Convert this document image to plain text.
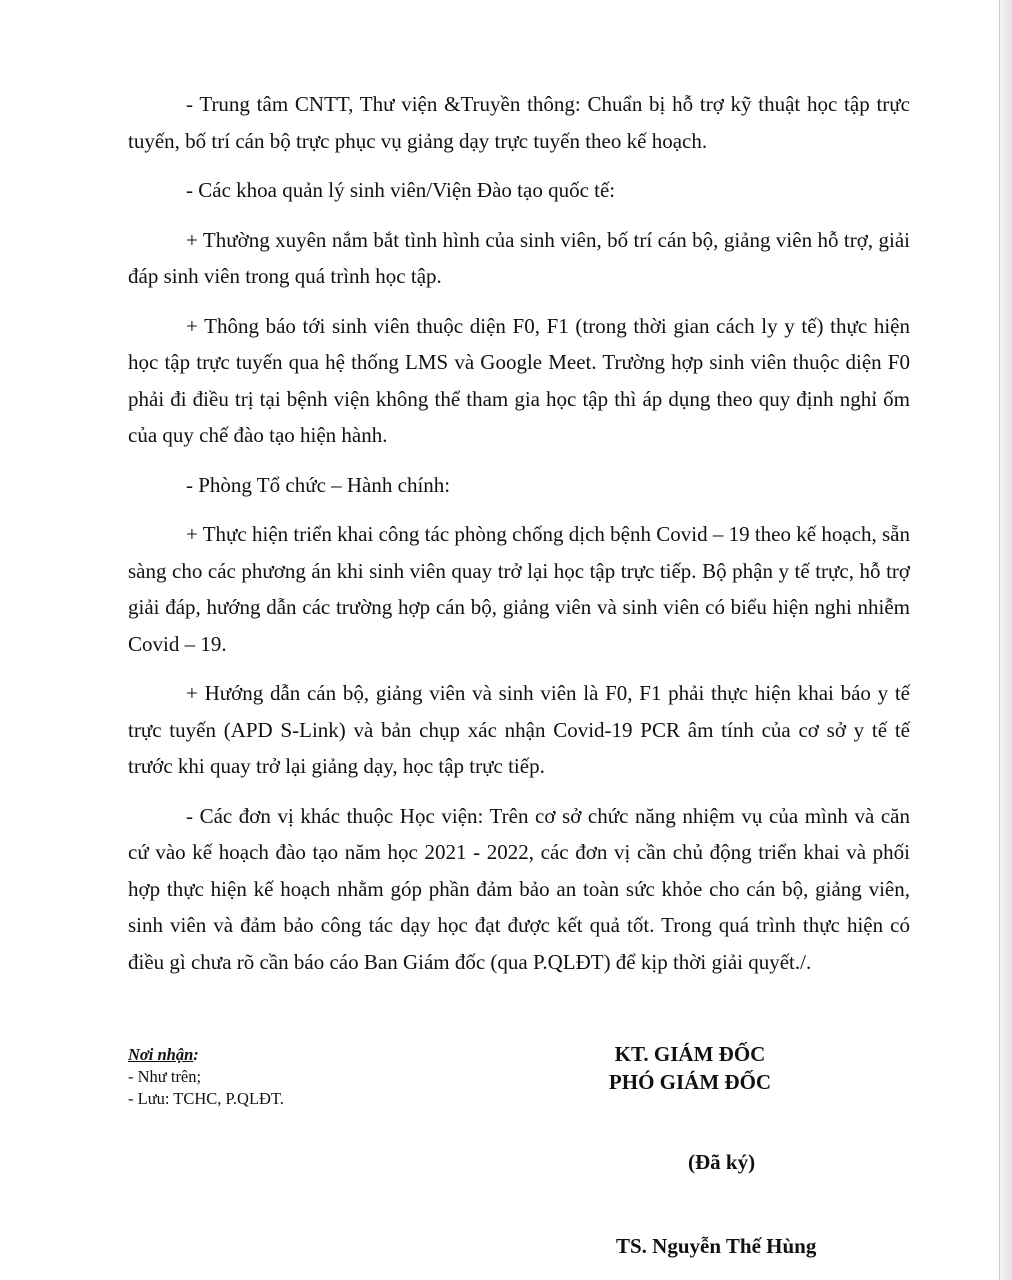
- Trung tâm CNTT, Thư viện &Truyền thông: Chuẩn bị hỗ trợ kỹ thuật học tập trực tuyến, bố trí cán bộ trực phục vụ giảng dạy trực tuyến theo kế hoạch.

- Các khoa quản lý sinh viên/Viện Đào tạo quốc tế:

+ Thường xuyên nắm bắt tình hình của sinh viên, bố trí cán bộ, giảng viên hỗ trợ, giải đáp sinh viên trong quá trình học tập.

+ Thông báo tới sinh viên thuộc diện F0, F1 (trong thời gian cách ly y tế) thực hiện học tập trực tuyến qua hệ thống LMS và Google Meet. Trường hợp sinh viên thuộc diện F0 phải đi điều trị tại bệnh viện không thể tham gia học tập thì áp dụng theo quy định nghỉ ốm của quy chế đào tạo hiện hành.

- Phòng Tổ chức – Hành chính:

+ Thực hiện triển khai công tác phòng chống dịch bệnh Covid – 19 theo kế hoạch, sẵn sàng cho các phương án khi sinh viên quay trở lại học tập trực tiếp. Bộ phận y tế trực, hỗ trợ giải đáp, hướng dẫn các trường hợp cán bộ, giảng viên và sinh viên có biểu hiện nghi nhiễm Covid – 19.

+ Hướng dẫn cán bộ, giảng viên và sinh viên là F0, F1 phải thực hiện khai báo y tế trực tuyến (APD S-Link) và bản chụp xác nhận Covid-19 PCR âm tính của cơ sở y tế tế trước khi quay trở lại giảng dạy, học tập trực tiếp.

- Các đơn vị khác thuộc Học viện: Trên cơ sở chức năng nhiệm vụ của mình và căn cứ vào kế hoạch đào tạo năm học 2021 - 2022, các đơn vị cần chủ động triển khai và phối hợp thực hiện kế hoạch nhằm góp phần đảm bảo an toàn sức khỏe cho cán bộ, giảng viên, sinh viên và đảm bảo công tác dạy học đạt được kết quả tốt. Trong quá trình thực hiện có điều gì chưa rõ cần báo cáo Ban Giám đốc (qua P.QLĐT) để kịp thời giải quyết./.

Nơi nhận:
- Như trên;
- Lưu: TCHC, P.QLĐT.
KT. GIÁM ĐỐC
PHÓ GIÁM ĐỐC
(Đã ký)
TS. Nguyễn Thế Hùng
